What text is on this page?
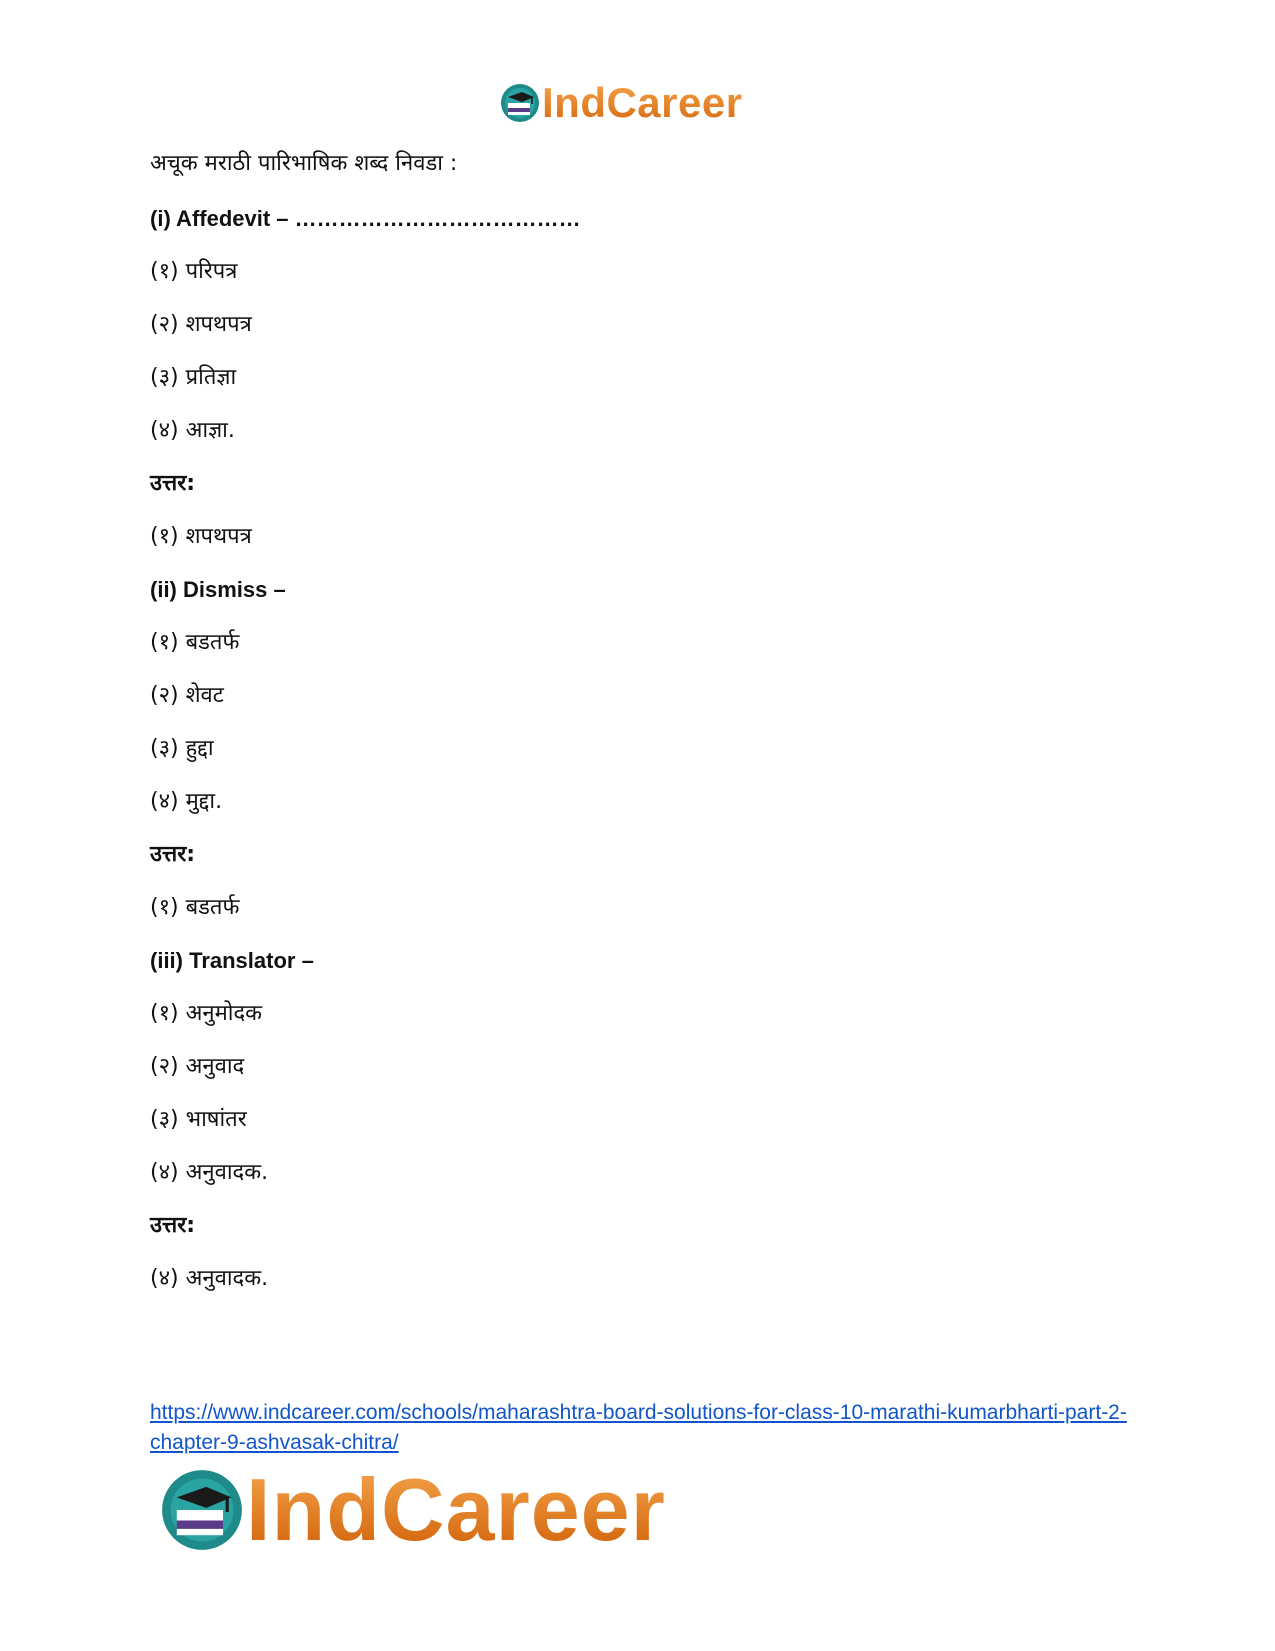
IndCareer
अचूक मराठी पारिभाषिक शब्द निवडा :
(i) Affedevit – …………………………………
(१) परिपत्र
(२) शपथपत्र
(३) प्रतिज्ञा
(४) आज्ञा.
उत्तर:
(१) शपथपत्र
(ii) Dismiss –
(१) बडतर्फ
(२) शेवट
(३) हुद्दा
(४) मुद्दा.
उत्तर:
(१) बडतर्फ
(iii) Translator –
(१) अनुमोदक
(२) अनुवाद
(३) भाषांतर
(४) अनुवादक.
उत्तर:
(४) अनुवादक.
https://www.indcareer.com/schools/maharashtra-board-solutions-for-class-10-marathi-kumarbharti-part-2-chapter-9-ashvasak-chitra/
IndCareer
